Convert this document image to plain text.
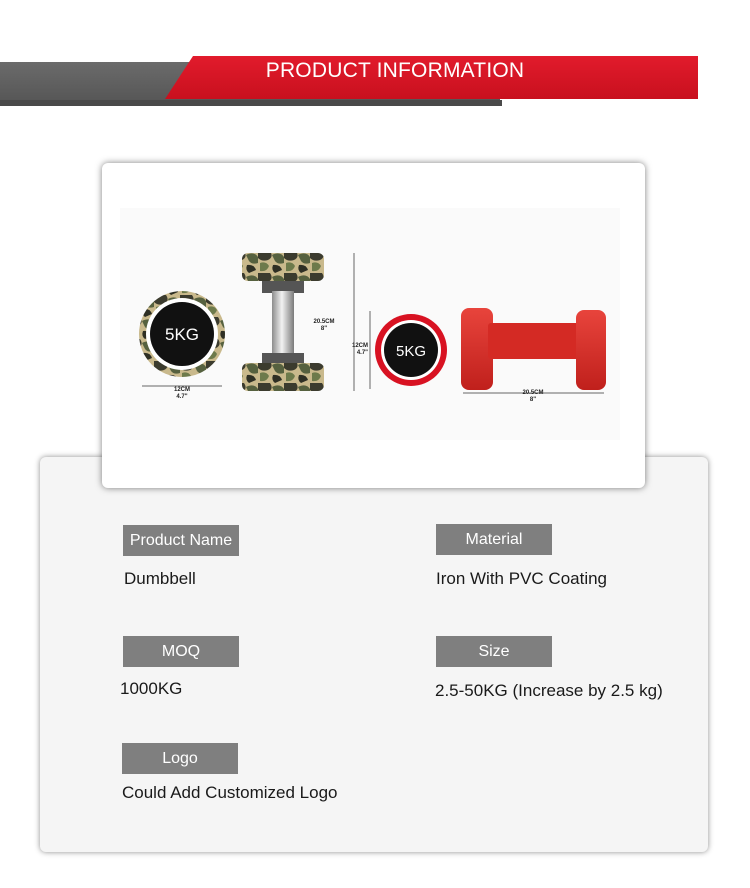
PRODUCT INFORMATION
Product Name
Dumbbell
Material
Iron With PVC Coating
MOQ
1000KG
Size
2.5-50KG (Increase by 2.5 kg)
Logo
Could Add Customized Logo
5KG
12CM
4.7"
20.5CM
8"
12CM
4.7" 5KG
20.5CM
8"
